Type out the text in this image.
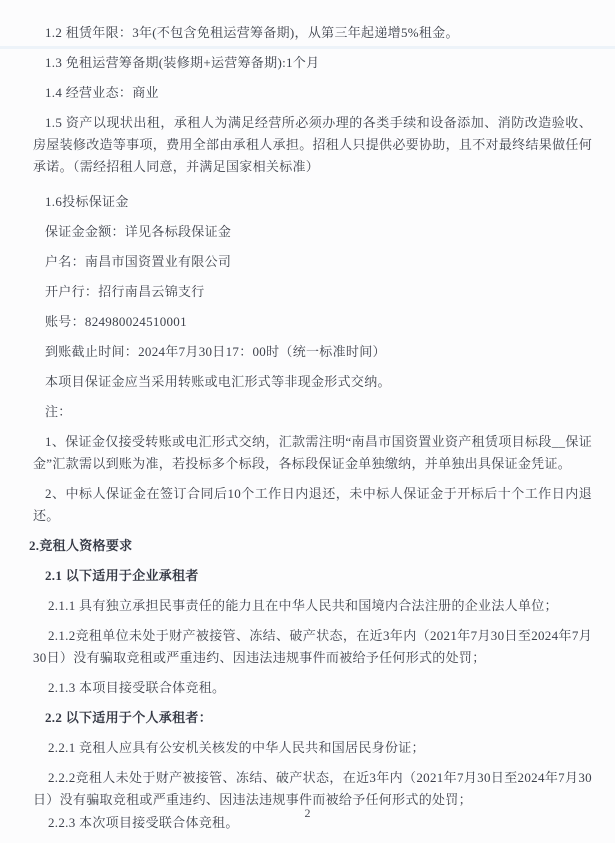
1.2 租赁年限：3年(不包含免租运营筹备期)，从第三年起递增5%租金。

1.3 免租运营筹备期(装修期+运营筹备期):1个月

1.4 经营业态：商业

1.5 资产以现状出租，承租人为满足经营所必须办理的各类手续和设备添加、消防改造验收、房屋装修改造等事项，费用全部由承租人承担。招租人只提供必要协助，且不对最终结果做任何承诺。（需经招租人同意，并满足国家相关标准）

1.6投标保证金

保证金金额：详见各标段保证金

户名：南昌市国资置业有限公司

开户行：招行南昌云锦支行

账号：824980024510001

到账截止时间：2024年7月30日17：00时（统一标准时间）

本项目保证金应当采用转账或电汇形式等非现金形式交纳。

注：

1、保证金仅接受转账或电汇形式交纳，汇款需注明“南昌市国资置业资产租赁项目标段__保证金”汇款需以到账为准，若投标多个标段，各标段保证金单独缴纳，并单独出具保证金凭证。

2、中标人保证金在签订合同后10个工作日内退还，未中标人保证金于开标后十个工作日内退还。

2.竞租人资格要求

2.1 以下适用于企业承租者

2.1.1 具有独立承担民事责任的能力且在中华人民共和国境内合法注册的企业法人单位；

2.1.2竞租单位未处于财产被接管、冻结、破产状态，在近3年内（2021年7月30日至2024年7月30日）没有骗取竞租或严重违约、因违法违规事件而被给予任何形式的处罚；

2.1.3 本项目接受联合体竞租。

2.2 以下适用于个人承租者：

2.2.1 竞租人应具有公安机关核发的中华人民共和国居民身份证；

2.2.2竞租人未处于财产被接管、冻结、破产状态，在近3年内（2021年7月30日至2024年7月30日）没有骗取竞租或严重违约、因违法违规事件而被给予任何形式的处罚；

2.2.3 本次项目接受联合体竞租。

2
